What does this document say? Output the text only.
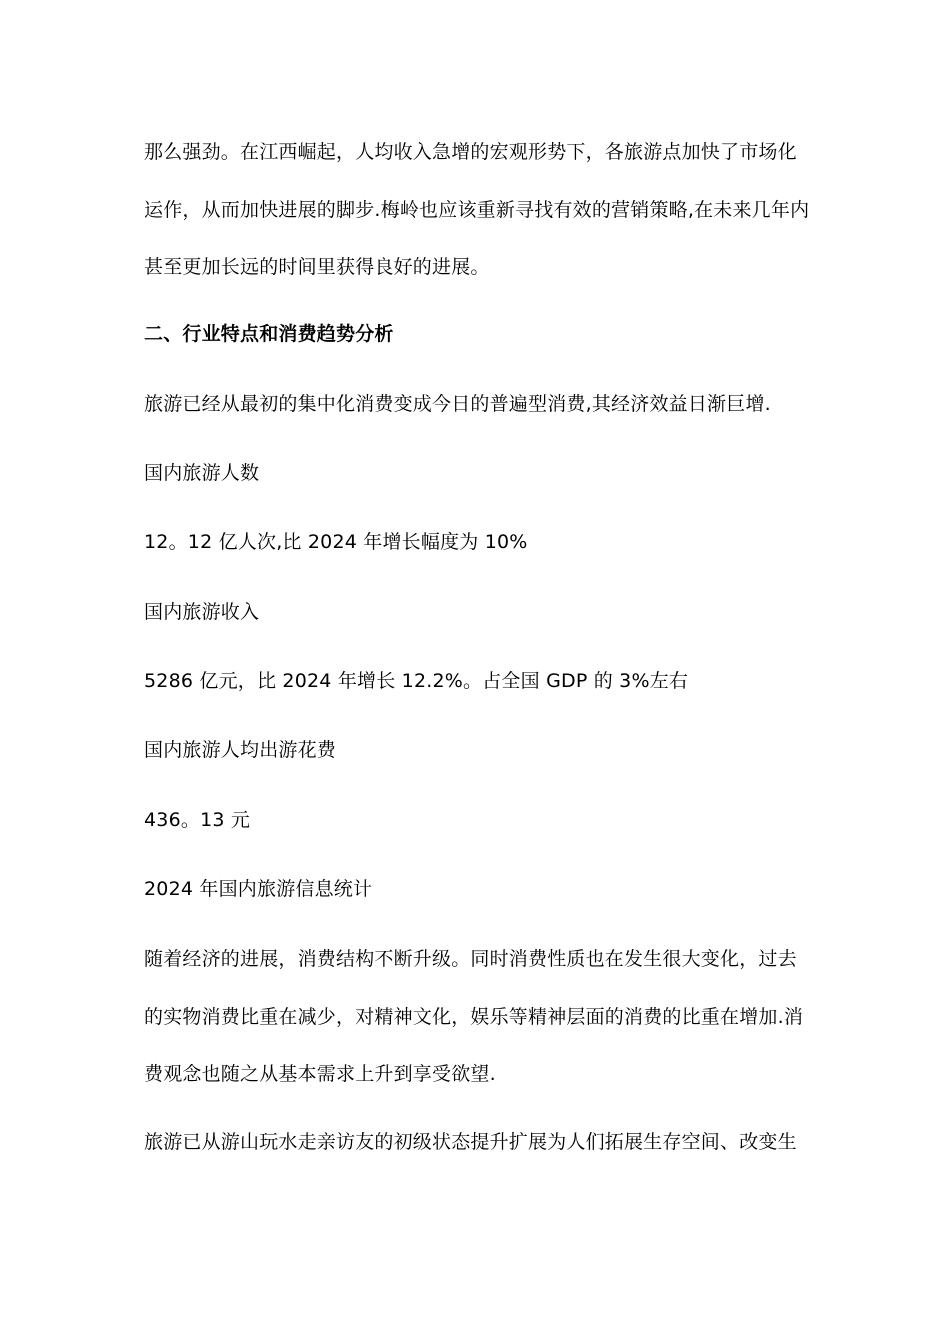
那么强劲。在江西崛起，人均收入急增的宏观形势下，各旅游点加快了市场化
运作，从而加快进展的脚步.梅岭也应该重新寻找有效的营销策略,在未来几年内
甚至更加长远的时间里获得良好的进展。
二、行业特点和消费趋势分析
旅游已经从最初的集中化消费变成今日的普遍型消费,其经济效益日渐巨增.
国内旅游人数
12。12 亿人次,比 2024 年增长幅度为 10%
国内旅游收入
5286 亿元，比 2024 年增长 12.2%。占全国 GDP 的 3%左右
国内旅游人均出游花费
436。13 元
2024 年国内旅游信息统计
随着经济的进展，消费结构不断升级。同时消费性质也在发生很大变化，过去
的实物消费比重在减少，对精神文化，娱乐等精神层面的消费的比重在增加.消
费观念也随之从基本需求上升到享受欲望.
旅游已从游山玩水走亲访友的初级状态提升扩展为人们拓展生存空间、改变生
